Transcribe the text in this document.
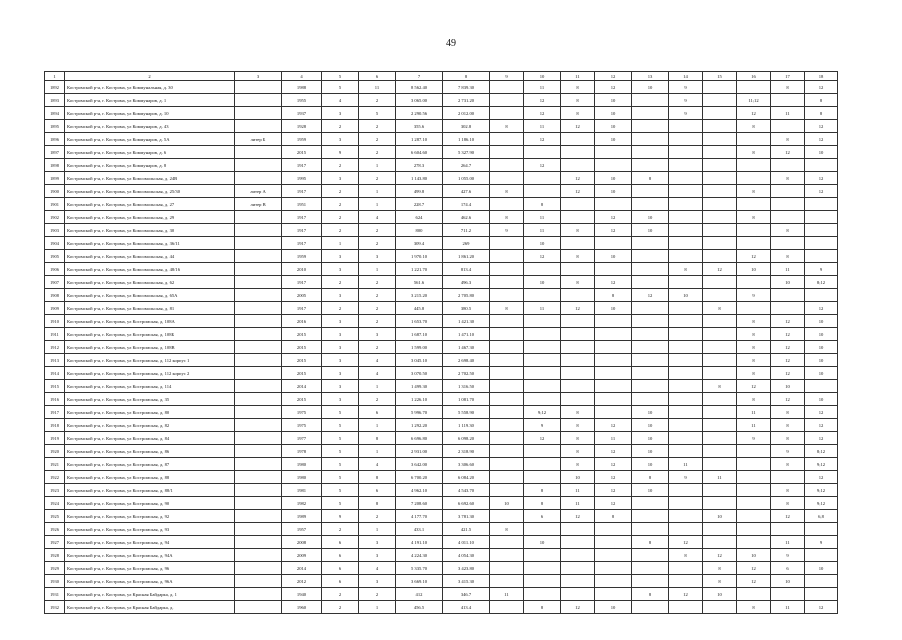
49
1	2	3	4	5	6	7	8	9	10	11	12	13	14	15	16	17	18
1892	Костромской р-н, г. Кострома, ул Коммунальная, д. 30		1988	5	11	8 562.40	7 839.30		11	8	12	10	9			8	12
1893	Костромской р-н, г. Кострома, ул Коммунаров, д. 1		1955	4	2	3 065.00	2 731.20		12	8	10		9		11;12		8
1894	Костромской р-н, г. Кострома, ул Коммунаров, д. 10		1937	3	5	2 290.56	2 012.00		12	8	10		9		12	11	8
1895	Костромской р-н, г. Кострома, ул Коммунаров, д. 43		1928	2	2	355.6	302.8	8	11	12	10				8		12
1896	Костромской р-н, г. Кострома, ул Коммунаров, д. 5А	литер Б	1959	3	2	1 287.10	1 186.10		12		10					8	12
1897	Костромской р-н, г. Кострома, ул Коммунаров, д. 6		2015	9	2	6 604.60	5 327.90								8	12	10
1898	Костромской р-н, г. Кострома, ул Коммунаров, д. 8		1917	2	1	278.3	264.7		12								
1899	Костромской р-н, г. Кострома, ул Комсомольская, д. 24В		1995	3	2	1 143.80	1 055.00			12	10	8				8	12
1900	Костромской р-н, г. Кострома, ул Комсомольская, д. 25/30	литер А	1917	2	1	499.8	427.6	8		12	10				8		12
1901	Костромской р-н, г. Кострома, ул Комсомольская, д. 27	литер В	1951	2	1	228.7	174.4		8								
1902	Костромской р-н, г. Кострома, ул Комсомольская, д. 29		1917	2	4	624	462.6	8	11		12	10			8		
1903	Костромской р-н, г. Кострома, ул Комсомольская, д. 30		1917	2	2	800	711.2	9	11	8	12	10				8	
1904	Костромской р-н, г. Кострома, ул Комсомольская, д. 36/11		1917	1	2	309.4	269		10								
1905	Костромской р-н, г. Кострома, ул Комсомольская, д. 44		1959	3	3	1 970.10	1 861.20		12	8	10				12	8	
1906	Костромской р-н, г. Кострома, ул Комсомольская, д. 48/16		2010	3	1	1 221.70	813.4						8	12	10	11	9
1907	Костромской р-н, г. Кострома, ул Комсомольская, д. 62		1917	2	2	561.6	496.3		10	8	12					10	8;12
1908	Костромской р-н, г. Кострома, ул Комсомольская, д. 65А		2005	3	2	3 215.20	2 705.80				8	12	10		9		
1909	Костромской р-н, г. Кострома, ул Комсомольская, д. 81		1917	2	2	445.8	380.5	8	11	12	10			8			12
1910	Костромской р-н, г. Кострома, ул Костромская, д. 108А		2016	3	2	1 653.70	1 421.30								8	12	10
1911	Костромской р-н, г. Кострома, ул Костромская, д. 108Б		2015	3	3	1 687.10	1 471.10								8	12	10
1912	Костромской р-н, г. Кострома, ул Костромская, д. 108В		2015	3	2	1 599.00	1 467.30								8	12	10
1913	Костромской р-н, г. Кострома, ул Костромская, д. 112 корпус 1		2015	3	4	3 045.10	2 698.40								8	12	10
1914	Костромской р-н, г. Кострома, ул Костромская, д. 112 корпус 2		2015	3	4	3 070.50	2 702.50								8	12	10
1915	Костромской р-н, г. Кострома, ул Костромская, д. 114		2014	3	1	1 499.30	1 316.50							8	12	10	
1916	Костромской р-н, г. Кострома, ул Костромская, д. 35		2015	3	2	1 226.10	1 081.70								8	12	10
1917	Костромской р-н, г. Кострома, ул Костромская, д. 80		1975	5	6	5 996.70	5 558.90		9;12	8		10			11	8	12
1918	Костромской р-н, г. Кострома, ул Костромская, д. 82		1975	5	1	1 292.20	1 119.30		9	8	12	10			11	8	12
1919	Костромской р-н, г. Кострома, ул Костромская, д. 84		1977	5	8	6 696.80	6 098.20		12	8	11	10			9	8	12
1920	Костромской р-н, г. Кострома, ул Костромская, д. 86		1978	5	1	2 931.00	2 318.90			8	12	10				9	8;12
1921	Костромской р-н, г. Кострома, ул Костромская, д. 87		1980	5	4	3 642.00	3 306.60			8	12	10	11			8	9;12
1922	Костромской р-н, г. Кострома, ул Костромская, д. 88		1980	5	8	6 700.20	6 084.20			10	12	8	9	11			12
1923	Костромской р-н, г. Кострома, ул Костромская, д. 88/1		1981	5	6	4 962.10	4 543.70		8	11	12	10				8	9;12
1924	Костромской р-н, г. Кострома, ул Костромская, д. 90		1982	5	8	7 208.60	6 692.60	10	8	11	12					8	9;12
1925	Костромской р-н, г. Кострома, ул Костромская, д. 92		1989	9	2	4 177.70	3 781.30		6	12	8			10		12	6,8
1926	Костромской р-н, г. Кострома, ул Костромская, д. 93		1957	2	1	433.1	421.5	8									
1927	Костромской р-н, г. Кострома, ул Костромская, д. 94		2008	6	3	4 191.10	4 011.10		10			8	12			11	9
1928	Костромской р-н, г. Кострома, ул Костромская, д. 94А		2009	6	3	4 224.30	4 054.30						8	12	10	9	
1929	Костромской р-н, г. Кострома, ул Костромская, д. 96		2014	6	4	5 335.70	3 423.80							8	12	6	10
1930	Костромской р-н, г. Кострома, ул Костромская, д. 96А		2012	6	3	3 669.10	3 415.30							8	12	10	
1931	Костромской р-н, г. Кострома, ул Красная Байдарка, д. 1		1940	2	2	412	346.7	11				8	12	10			
1932	Костромской р-н, г. Кострома, ул Красная Байдарка, д.		1960	2	1	456.5	413.4		8	12	10				8	11	12
